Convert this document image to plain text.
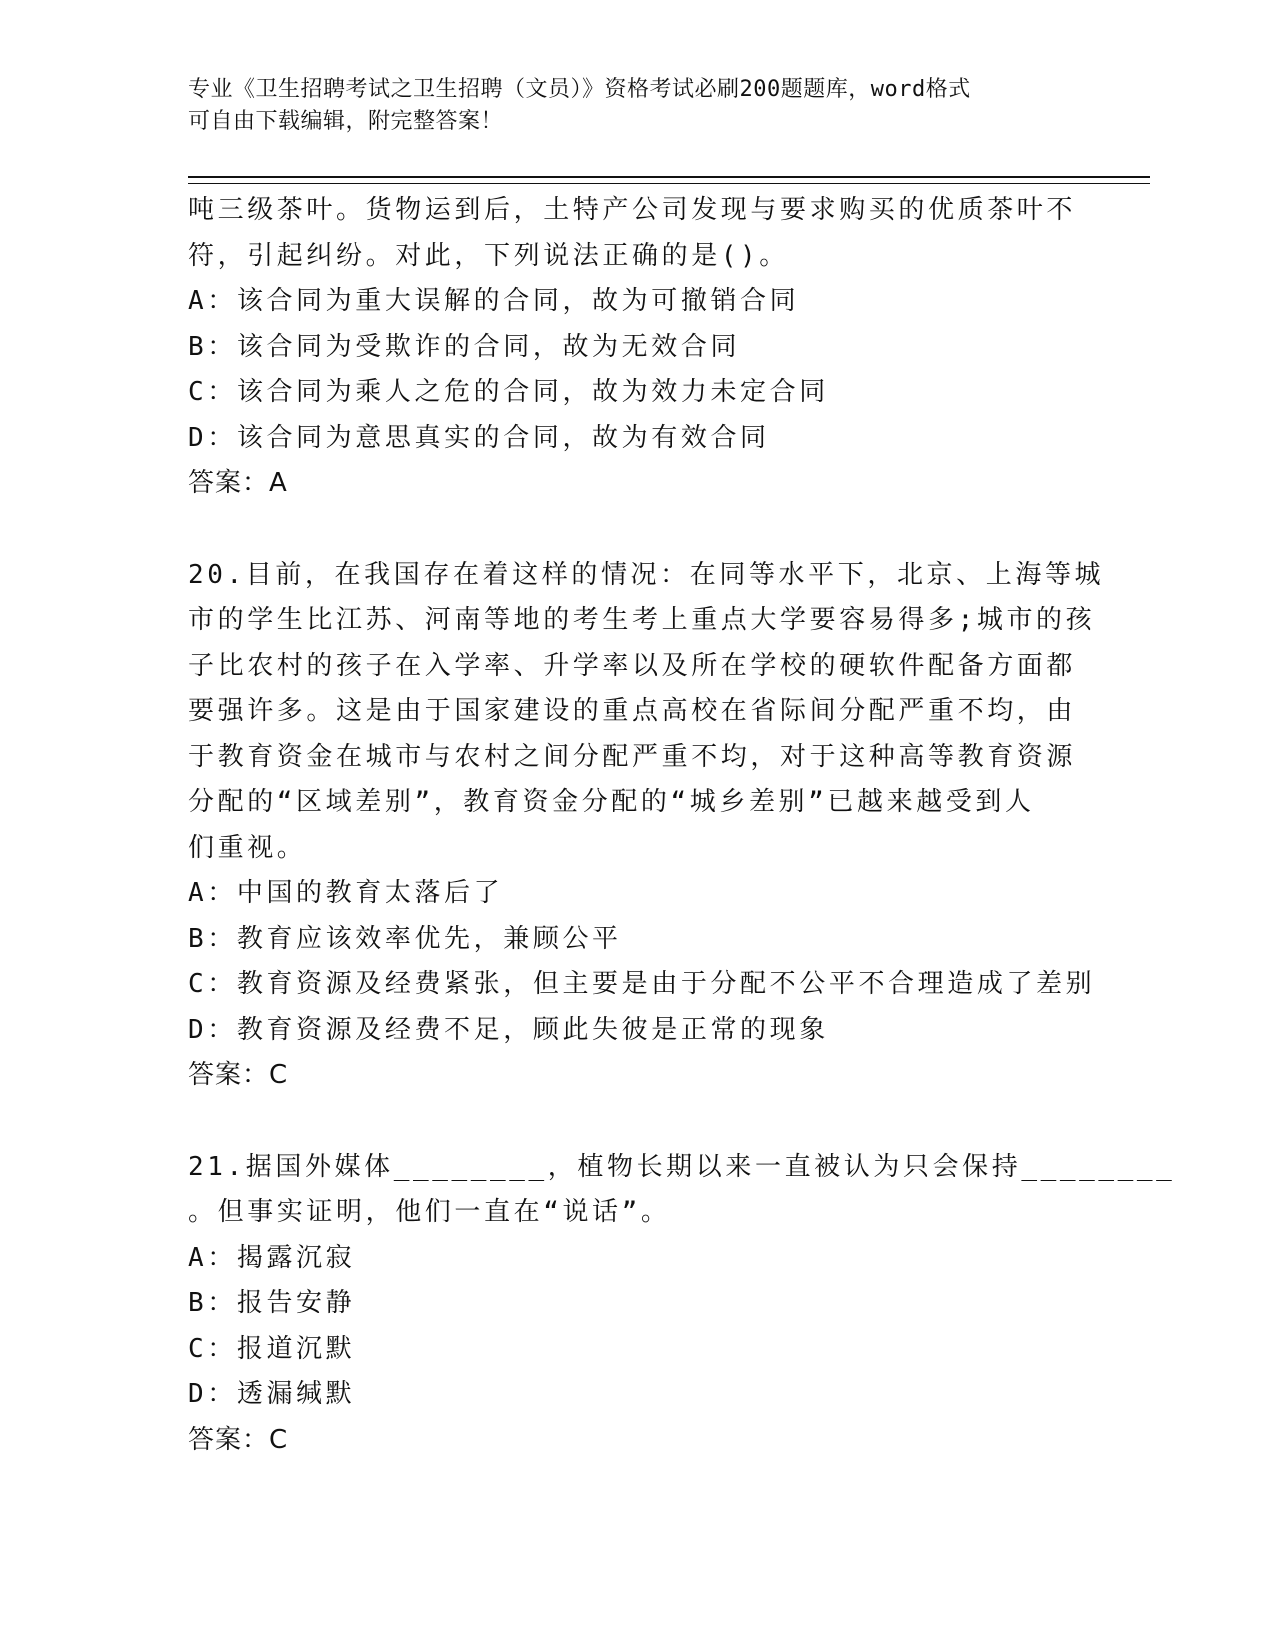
专业《卫生招聘考试之卫生招聘（文员）》资格考试必刷200题题库，word格式
可自由下载编辑，附完整答案！
吨三级茶叶。货物运到后，土特产公司发现与要求购买的优质茶叶不
符，引起纠纷。对此，下列说法正确的是()。
A：该合同为重大误解的合同，故为可撤销合同
B：该合同为受欺诈的合同，故为无效合同
C：该合同为乘人之危的合同，故为效力未定合同
D：该合同为意思真实的合同，故为有效合同
答案：A
20.目前，在我国存在着这样的情况：在同等水平下，北京、上海等城
市的学生比江苏、河南等地的考生考上重点大学要容易得多;城市的孩
子比农村的孩子在入学率、升学率以及所在学校的硬软件配备方面都
要强许多。这是由于国家建设的重点高校在省际间分配严重不均，由
于教育资金在城市与农村之间分配严重不均，对于这种高等教育资源
分配的“区域差别”，教育资金分配的“城乡差别”已越来越受到人
们重视。
A：中国的教育太落后了
B：教育应该效率优先，兼顾公平
C：教育资源及经费紧张，但主要是由于分配不公平不合理造成了差别
D：教育资源及经费不足，顾此失彼是正常的现象
答案：C
21.据国外媒体________，植物长期以来一直被认为只会保持________
。但事实证明，他们一直在“说话”。
A：揭露沉寂
B：报告安静
C：报道沉默
D：透漏缄默
答案：C
